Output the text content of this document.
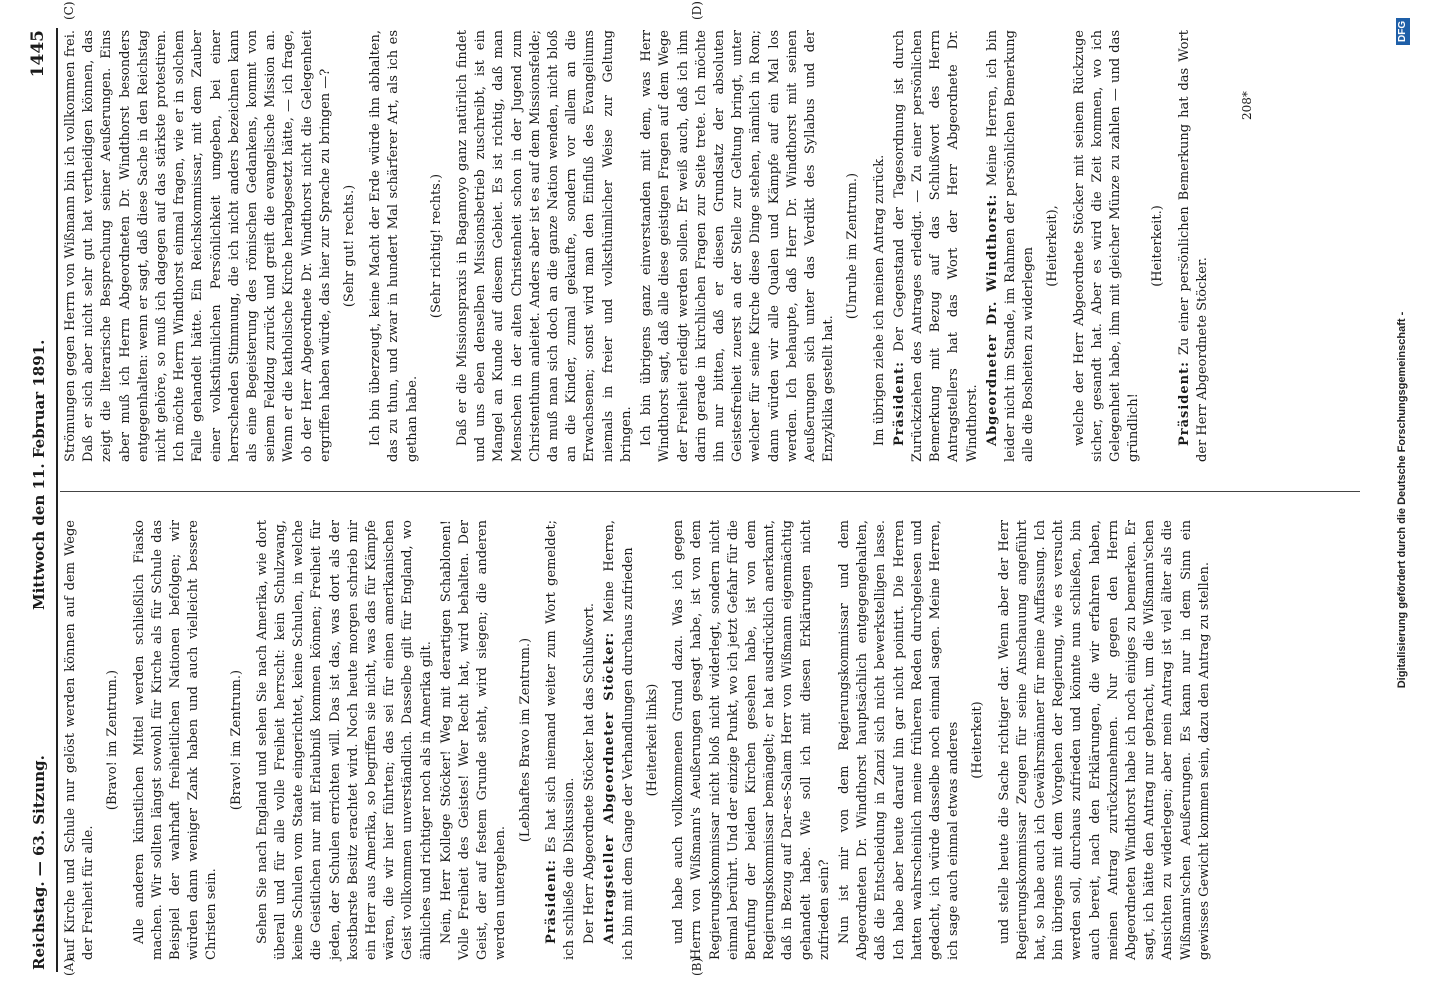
Reichstag. — 63. Sitzung.
Mittwoch den 11. Februar 1891.
1445
(A)	(B)
(C)	(D)

auf Kirche und Schule nur gelöst werden können auf dem Wege der Freiheit für alle.

(Bravo! im Zentrum.) Alle anderen künstlichen Mittel werden schließlich Fiasko machen. Wir sollten längst sowohl für Kirche als für Schule das Beispiel der wahrhaft freiheitlichen Nationen befolgen; wir würden dann weniger Zank haben und auch vielleicht bessere Christen sein.

(Bravo! im Zentrum.) Sehen Sie nach England und sehen Sie nach Amerika, wie dort überall und für alle volle Freiheit herrscht: kein Schulzwang, keine Schulen vom Staate eingerichtet, keine Schulen, in welche die Geistlichen nur mit Erlaubniß kommen können; Freiheit für jeden, der Schulen errichten will. Das ist das, was dort als der kostbarste Besitz erachtet wird. Noch heute morgen schrieb mir ein Herr aus Amerika, so begriffen sie nicht, was das für Kämpfe wären, die wir hier führten; das sei für einen amerikanischen Geist vollkommen unverständlich. Dasselbe gilt für England, wo ähnliches und richtiger noch als in Amerika gilt. Nein, Herr Kollege Stöcker! Weg mit derartigen Schablonen! Volle Freiheit des Geistes! Wer Recht hat, wird behalten. Der Geist, der auf festem Grunde steht, wird siegen; die anderen werden untergehen.

(Lebhaftes Bravo im Zentrum.)

Präsident: Es hat sich niemand weiter zum Wort gemeldet; ich schließe die Diskussion. Der Herr Abgeordnete Stöcker hat das Schlußwort. Antragsteller Abgeordneter Stöcker: Meine Herren, ich bin mit dem Gange der Verhandlungen durchaus zufrieden (Heiterkeit links) und habe auch vollkommenen Grund dazu. Was ich gegen Herrn von Wißmann's Aeußerungen gesagt habe, ist von dem Regierungskommissar nicht bloß nicht widerlegt, sondern nicht einmal berührt. Und der einzige Punkt, wo ich jetzt Gefahr für die Berufung der beiden Kirchen gesehen habe, ist von dem Regierungskommissar bemängelt; er hat ausdrücklich anerkannt, daß in Bezug auf Dar-es-Salam Herr von Wißmann eigenmächtig gehandelt habe. Wie soll ich mit diesen Erklärungen nicht zufrieden sein? Nun ist mir von dem Regierungskommissar und dem Abgeordneten Dr. Windthorst hauptsächlich entgegengehalten, daß die Entscheidung in Zanzi sich nicht bewerkstelligen lasse. Ich habe aber heute darauf hin gar nicht pointirt. Die Herren hatten wahrscheinlich meine früheren Reden durchgelesen und gedacht, ich würde dasselbe noch einmal sagen. Meine Herren, ich sage auch einmal etwas anderes (Heiterkeit) und stelle heute die Sache richtiger dar. Wenn aber der Herr Regierungskommissar Zeugen für seine Anschauung angeführt hat, so habe auch ich Gewährsmänner für meine Auffassung. Ich bin übrigens mit dem Vorgehen der Regierung, wie es versucht werden soll, durchaus zufrieden und könnte nun schließen, bin auch bereit, nach den Erklärungen, die wir erfahren haben, meinen Antrag zurückzunehmen. Nur gegen den Herrn Abgeordneten Windthorst habe ich noch einiges zu bemerken. Er sagt, ich hätte den Antrag nur gebracht, um die Wißmann'schen Ansichten zu widerlegen; aber mein Antrag ist viel älter als die Wißmann'schen Aeußerungen. Es kann nur in dem Sinn ein gewisses Gewicht kommen sein, dazu den Antrag zu stellen.

Strömungen gegen Herrn von Wißmann bin ich vollkommen frei. Daß er sich aber nicht sehr gut hat vertheidigen können, das zeigt die literarische Besprechung seiner Aeußerungen. Eins aber muß ich Herrn Abgeordneten Dr. Windthorst besonders entgegenhalten: wenn er sagt, daß diese Sache in den Reichstag nicht gehöre, so muß ich dagegen auf das stärkste protestiren. Ich möchte Herrn Windthorst einmal fragen, wie er in solchem Falle gehandelt hätte. Ein Reichskommissar, mit dem Zauber einer volksthümlichen Persönlichkeit umgeben, bei einer herrschenden Stimmung, die ich nicht anders bezeichnen kann als eine Begeisterung des römischen Gedankens, kommt von seinem Feldzug zurück und greift die evangelische Mission an. Wenn er die katholische Kirche herabgesetzt hätte, — ich frage, ob der Herr Abgeordnete Dr. Windthorst nicht die Gelegenheit ergriffen haben würde, das hier zur Sprache zu bringen —? (Sehr gut! rechts.) Ich bin überzeugt, keine Macht der Erde würde ihn abhalten, das zu thun, und zwar in hundert Mal schärferer Art, als ich es gethan habe.

(Sehr richtig! rechts.) Daß er die Missionspraxis in Bagamoyo ganz natürlich findet und uns eben denselben Missionsbetrieb zuschreibt, ist ein Mangel an Kunde auf diesem Gebiet. Es ist richtig, daß man Menschen in der alten Christenheit schon in der Jugend zum Christenthum anleitet. Anders aber ist es auf dem Missionsfelde; da muß man sich doch an die ganze Nation wenden, nicht bloß an die Kinder, zumal gekaufte, sondern vor allem an die Erwachsenen; sonst wird man den Einfluß des Evangeliums niemals in freier und volksthümlicher Weise zur Geltung bringen. Ich bin übrigens ganz einverstanden mit dem, was Herr Windthorst sagt, daß alle diese geistigen Fragen auf dem Wege der Freiheit erledigt werden sollen. Er weiß auch, daß ich ihm darin gerade in kirchlichen Fragen zur Seite trete. Ich möchte ihn nur bitten, daß er diesen Grundsatz der absoluten Geistesfreiheit zuerst an der Stelle zur Geltung bringt, unter welcher für seine Kirche diese Dinge stehen, nämlich in Rom; dann würden wir alle Qualen und Kämpfe auf ein Mal los werden. Ich behaupte, daß Herr Dr. Windthorst mit seinen Aeußerungen sich unter das Verdikt des Syllabus und der Enzyklika gestellt hat.

(Unruhe im Zentrum.) Im übrigen ziehe ich meinen Antrag zurück. Präsident: Der Gegenstand der Tagesordnung ist durch Zurückziehen des Antrages erledigt. — Zu einer persönlichen Bemerkung mit Bezug auf das Schlußwort des Herrn Antragstellers hat das Wort der Herr Abgeordnete Dr. Windthorst. Abgeordneter Dr. Windthorst: Meine Herren, ich bin leider nicht im Stande, im Rahmen der persönlichen Bemerkung alle die Bosheiten zu widerlegen

(Heiterkeit), welche der Herr Abgeordnete Stöcker mit seinem Rückzuge sicher, gesandt hat. Aber es wird die Zeit kommen, wo ich Gelegenheit habe, ihm mit gleicher Münze zu zahlen — und das gründlich!

(Heiterkeit.)

Präsident: Zu einer persönlichen Bemerkung hat das Wort der Herr Abgeordnete Stöcker.

208*
Digitalisierung gefördert durch die Deutsche Forschungsgemeinschaft -
DFG
